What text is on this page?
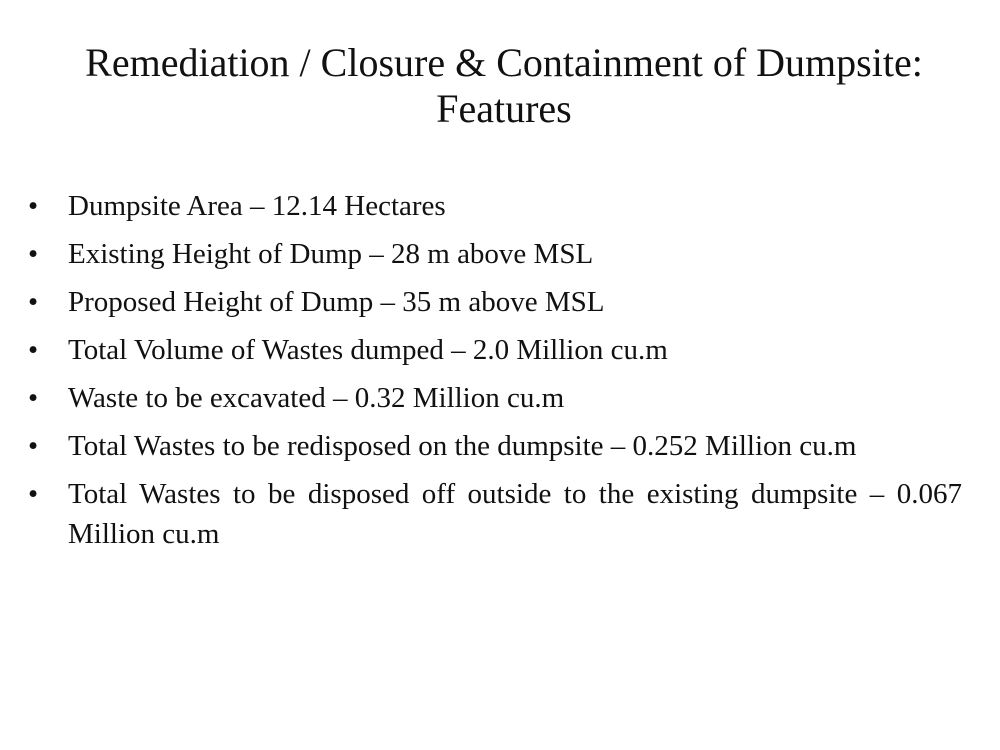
Remediation / Closure & Containment of Dumpsite: Features
•	Dumpsite Area – 12.14 Hectares
•	Existing Height of Dump – 28 m above MSL
•	Proposed Height of Dump – 35 m above MSL
•	Total Volume of Wastes dumped – 2.0 Million cu.m
•	Waste to be excavated – 0.32 Million cu.m
•	Total Wastes to be redisposed on the dumpsite – 0.252 Million cu.m
•	Total Wastes to be disposed off outside to the existing dumpsite – 0.067 Million cu.m
